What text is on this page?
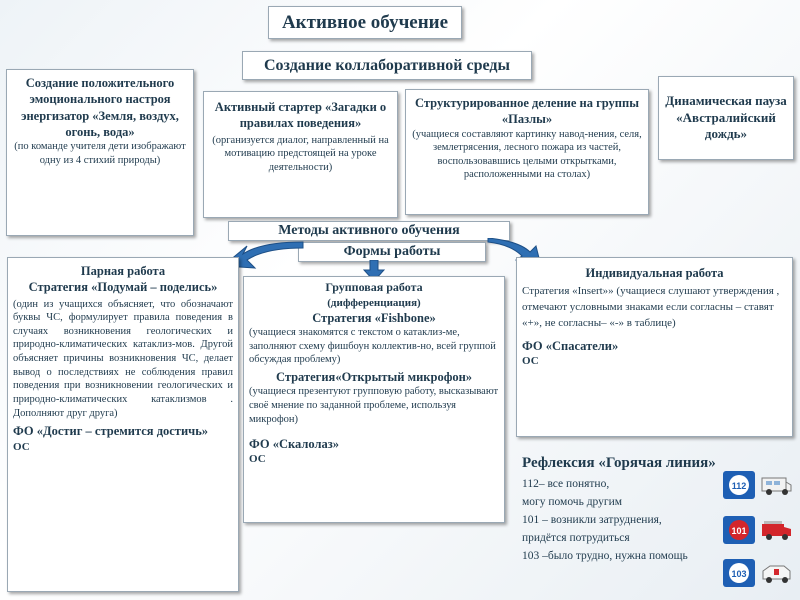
Активное обучение
Создание коллаборативной среды
Создание положительного эмоционального настроя энергизатор «Земля, воздух, огонь, вода»
(по команде учителя дети изображают одну из 4 стихий природы)
Активный стартер «Загадки о правилах поведения»
(организуется диалог, направленный на мотивацию предстоящей на уроке деятельности)
Структурированное деление на группы «Пазлы»
(учащиеся составляют картинку навод-нения, селя, землетрясения, лесного пожара из частей, воспользовавшись целыми открытками, расположенными на столах)
Динамическая пауза «Австралийский дождь»
Методы активного обучения
Формы работы
Парная работа
Стратегия «Подумай – поделись»
(один из учащихся объясняет, что обозначают буквы ЧС, формулирует правила поведения в случаях возникновения геологических и природно-климатических катаклиз-мов. Другой объясняет причины возникновения ЧС, делает вывод о последствиях не соблюдения правил поведения при возникновении геологических и природно-климатических катаклизмов . Дополняют друг друга)
ФО «Достиг – стремится достичь»
ОС
Групповая работа
(дифференциация)
Стратегия «Fishbone»
(учащиеся знакомятся с текстом о катаклиз-ме, заполняют схему фишбоун коллектив-но, всей группой обсуждая проблему)
Стратегия«Открытый микрофон»
(учащиеся презентуют групповую работу, высказывают своё мнение по заданной проблеме, используя микрофон)
ФО «Скалолаз»
ОС
Индивидуальная работа
Стратегия «Insert»» (учащиеся слушают утверждения , отмечают условными знаками если согласны – ставят «+», не согласны– «-» в таблице)
ФО «Спасатели»
ОС
Рефлексия «Горячая линия»
112– все понятно,
могу помочь другим
101 – возникли затруднения,
придётся потрудиться
103 –было трудно, нужна помощь
112
101
103
